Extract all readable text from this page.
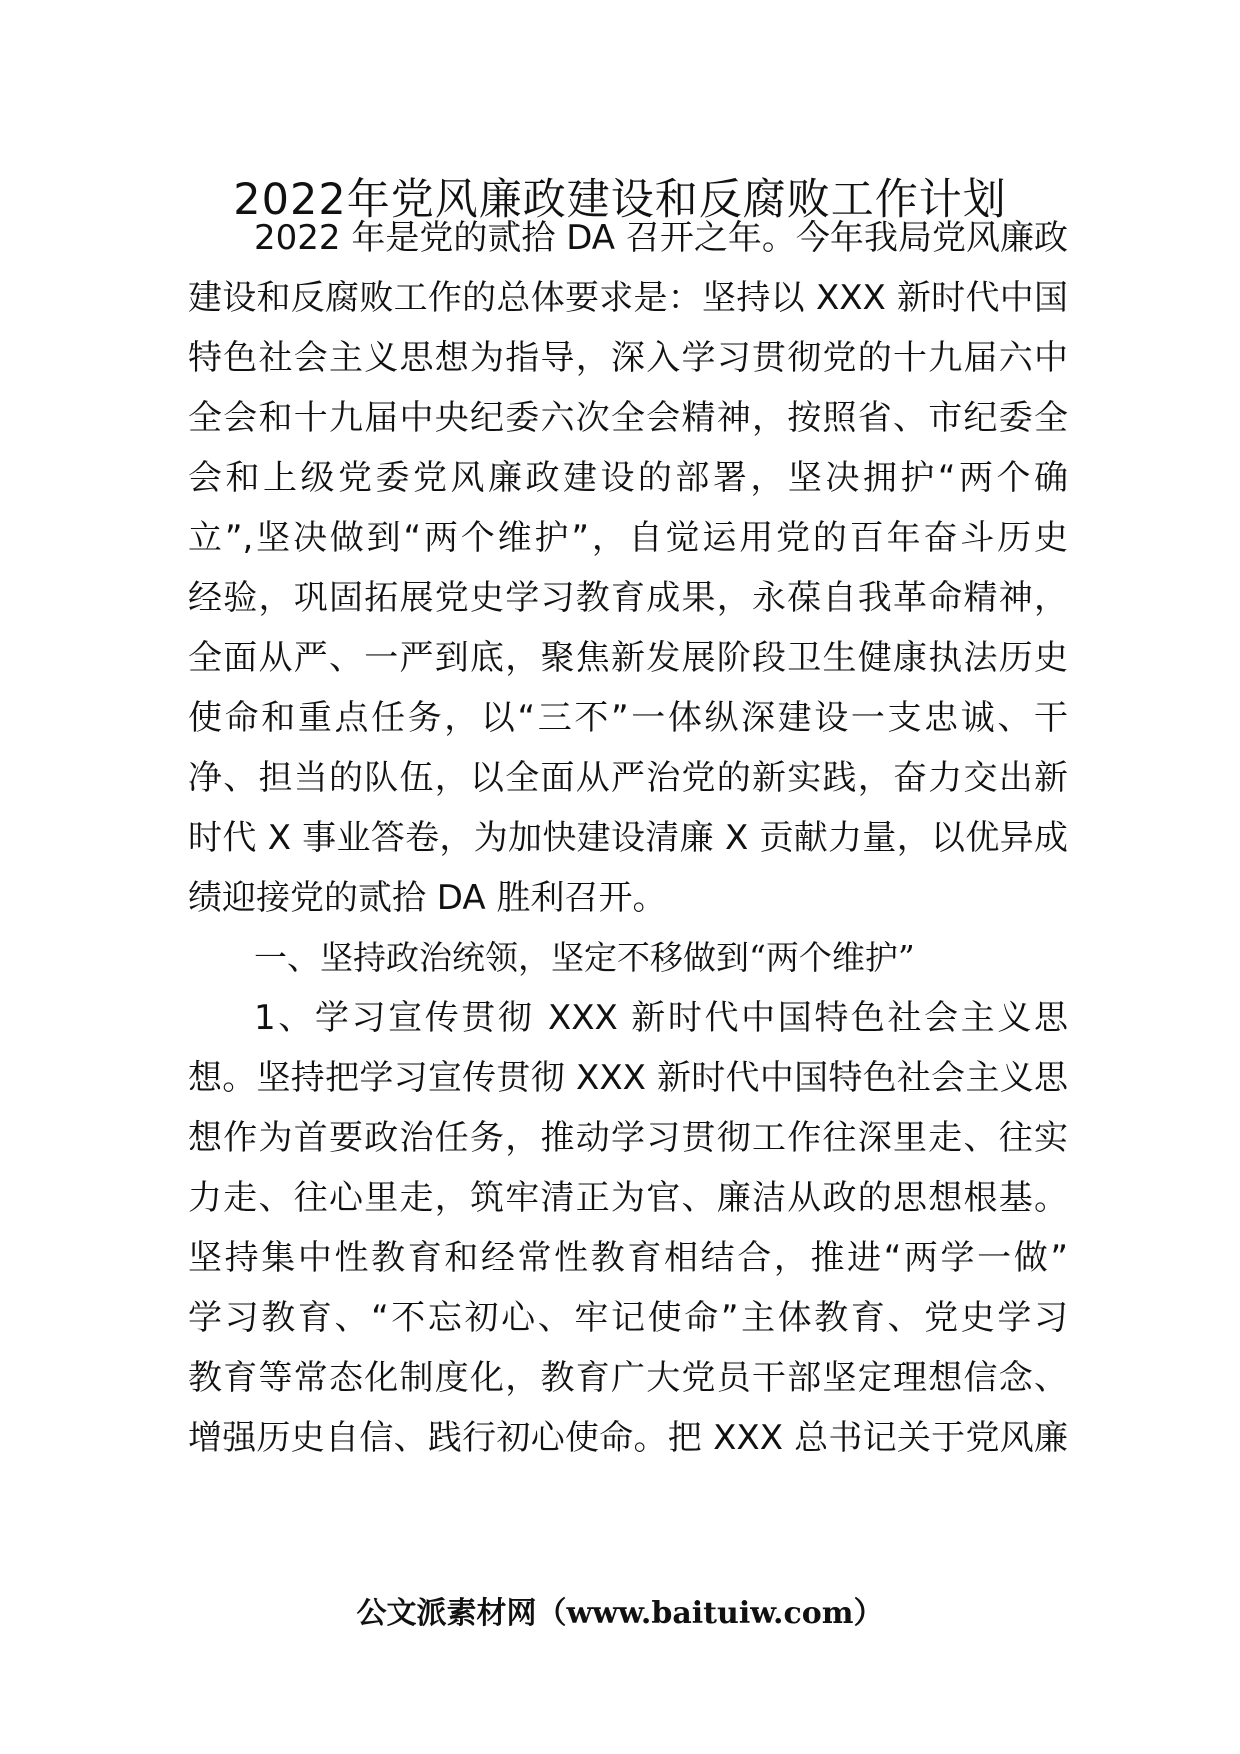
2022年党风廉政建设和反腐败工作计划

2022 年是党的贰拾 DA 召开之年。今年我局党风廉政

建设和反腐败工作的总体要求是：坚持以 XXX 新时代中国

特色社会主义思想为指导，深入学习贯彻党的十九届六中

全会和十九届中央纪委六次全会精神，按照省、市纪委全

会和上级党委党风廉政建设的部署，坚决拥护“两个确

立”,坚决做到“两个维护”，自觉运用党的百年奋斗历史

经验，巩固拓展党史学习教育成果，永葆自我革命精神，

全面从严、一严到底，聚焦新发展阶段卫生健康执法历史

使命和重点任务，以“三不”一体纵深建设一支忠诚、干

净、担当的队伍，以全面从严治党的新实践，奋力交出新

时代 X 事业答卷，为加快建设清廉 X 贡献力量，以优异成

绩迎接党的贰拾 DA 胜利召开。

一、坚持政治统领，坚定不移做到“两个维护”

1、学习宣传贯彻 XXX 新时代中国特色社会主义思

想。坚持把学习宣传贯彻 XXX 新时代中国特色社会主义思

想作为首要政治任务，推动学习贯彻工作往深里走、往实

力走、往心里走，筑牢清正为官、廉洁从政的思想根基。

坚持集中性教育和经常性教育相结合，推进“两学一做”

学习教育、“不忘初心、牢记使命”主体教育、党史学习

教育等常态化制度化，教育广大党员干部坚定理想信念、

增强历史自信、践行初心使命。把 XXX 总书记关于党风廉

公文派素材网（www.baituiw.com）
